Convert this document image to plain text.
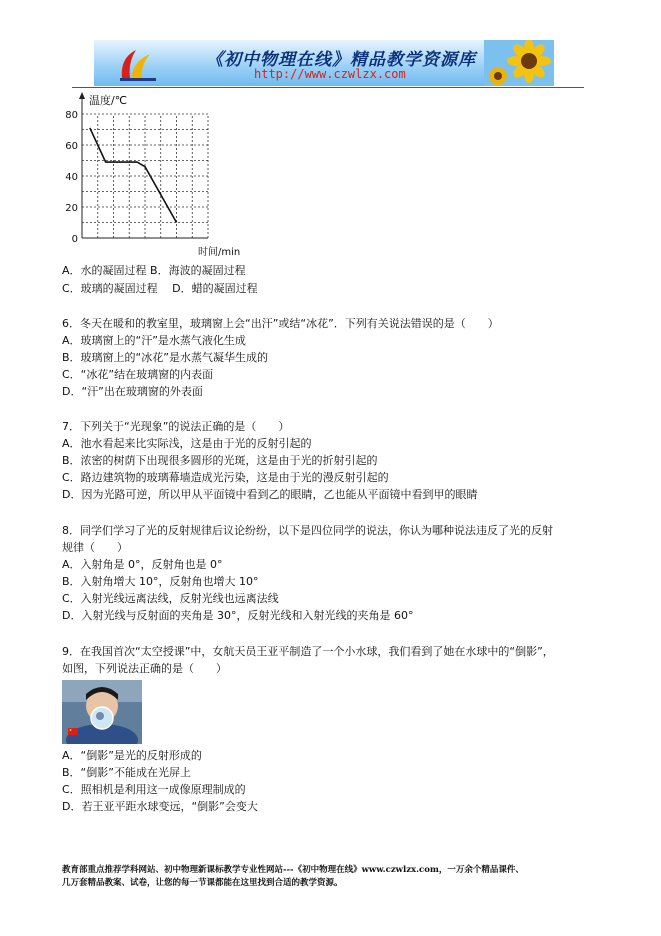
《初中物理在线》精品教学资源库
http://www.czwlzx.com
温度/℃
时间/min
80
60
40
20
0
A．水的凝固过程 B．海波的凝固过程
C．玻璃的凝固过程　 D．蜡的凝固过程
6．冬天在暖和的教室里，玻璃窗上会“出汗”或结“冰花”．下列有关说法错误的是（　　）
A．玻璃窗上的“汗”是水蒸气液化生成
B．玻璃窗上的“冰花”是水蒸气凝华生成的
C．“冰花”结在玻璃窗的内表面
D．“汗”出在玻璃窗的外表面
7．下列关于“光现象”的说法正确的是（　　）
A．池水看起来比实际浅，这是由于光的反射引起的
B．浓密的树荫下出现很多圆形的光斑，这是由于光的折射引起的
C．路边建筑物的玻璃幕墙造成光污染，这是由于光的漫反射引起的
D．因为光路可逆，所以甲从平面镜中看到乙的眼睛，乙也能从平面镜中看到甲的眼睛
8．同学们学习了光的反射规律后议论纷纷，以下是四位同学的说法，你认为哪种说法违反了光的反射
规律（　　）
A．入射角是 0°，反射角也是 0°
B．入射角增大 10°，反射角也增大 10°
C．入射光线远离法线，反射光线也远离法线
D．入射光线与反射面的夹角是 30°，反射光线和入射光线的夹角是 60°
9．在我国首次“太空授课”中，女航天员王亚平制造了一个小水球，我们看到了她在水球中的“倒影”，
如图，下列说法正确的是（　　）
A．“倒影”是光的反射形成的
B．“倒影”不能成在光屏上
C．照相机是利用这一成像原理制成的
D．若王亚平距水球变远，“倒影”会变大
教育部重点推荐学科网站、初中物理新课标教学专业性网站---《初中物理在线》www.czwlzx.com，一万余个精品课件、
几万套精品教案、试卷，让您的每一节课都能在这里找到合适的教学资源。
